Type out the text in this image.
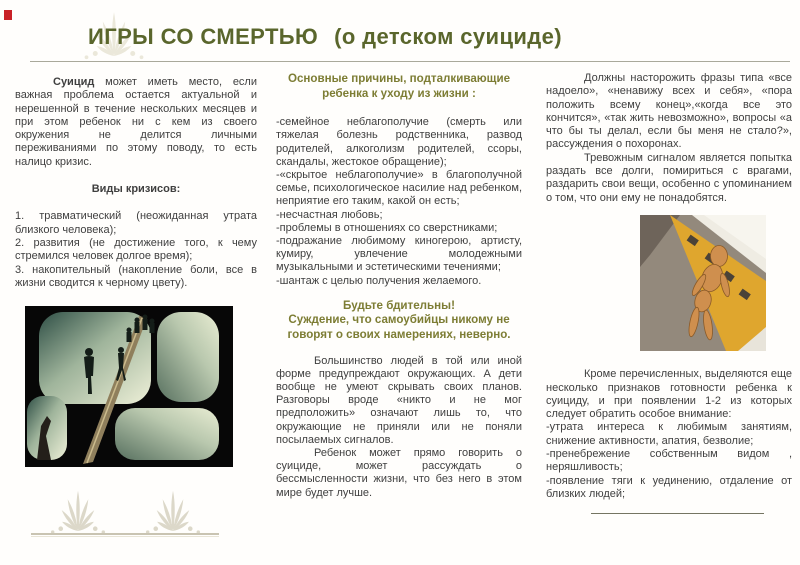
ИГРЫ СО СМЕРТЬЮ (о детском суициде)

Суицид может иметь место, если важная проблема остается актуальной и нерешенной в течение нескольких месяцев и при этом ребенок ни с кем из своего окружения не делится личными переживаниями по этому поводу, то есть налицо кризис.

Виды кризисов:

1. травматический (неожиданная утрата близкого человека);

2. развития (не достижение того, к чему стремился человек долгое время);

3. накопительный (накопление боли, все в жизни сводится к черному цвету).

Основные причины, подталкивающие ребенка к уходу из жизни :

-семейное неблагополучие (смерть или тяжелая болезнь родственника, развод родителей, алкоголизм родителей, ссоры, скандалы, жестокое обращение);

-«скрытое неблагополучие» в благополучной семье, психологическое насилие над ребенком, неприятие его таким, какой он есть;

-несчастная любовь;

-проблемы в отношениях со сверстниками;

-подражание любимому киногерою, артисту, кумиру, увлечение молодежными музыкальными и эстетическими течениями;

-шантаж с целью получения желаемого.

Будьте бдительны!
Суждение, что самоубийцы никому не говорят о своих намерениях, неверно.

Большинство людей в той или иной форме предупреждают окружающих. А дети вообще не умеют скрывать своих планов. Разговоры вроде «никто и не мог предположить» означают лишь то, что окружающие не приняли или не поняли посылаемых сигналов.

Ребенок может прямо говорить о суициде, может рассуждать о бессмысленности жизни, что без него в этом мире будет лучше.

Должны насторожить фразы типа «все надоело», «ненавижу всех и себя», «пора положить всему конец»,«когда все это кончится», «так жить невозможно», вопросы «а что бы ты делал, если бы меня не стало?», рассуждения о похоронах.

Тревожным сигналом является попытка раздать все долги, помириться с врагами, раздарить свои вещи, особенно с упоминанием о том, что они ему не понадобятся.

Кроме перечисленных, выделяются еще несколько признаков готовности ребенка к суициду, и при появлении 1-2 из которых следует обратить особое внимание:

-утрата интереса к любимым занятиям, снижение активности, апатия, безволие;

-пренебрежение собственным видом , неряшливость;

-появление тяги к уединению, отдаление от близких людей;
